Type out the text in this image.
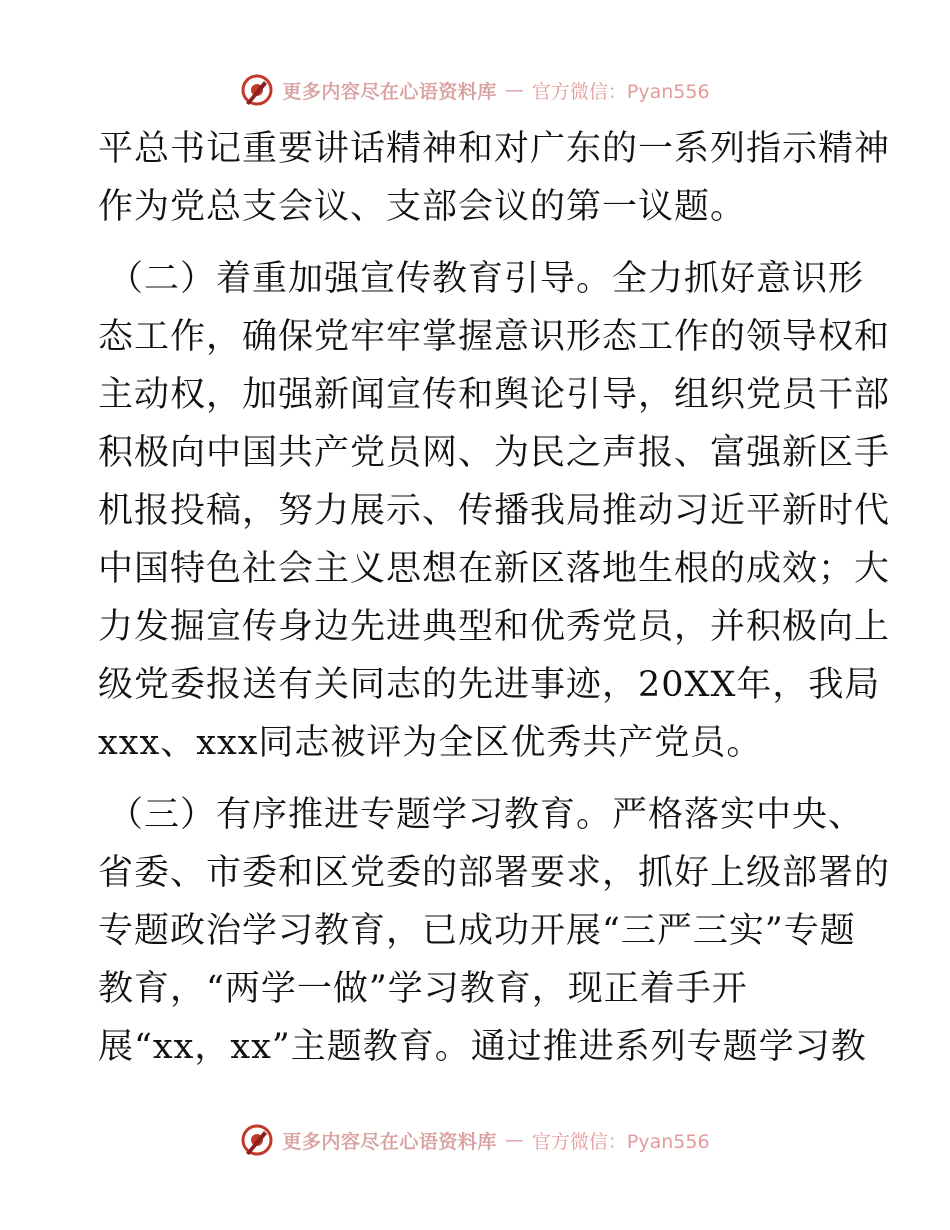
更多内容尽在心语资料库 — 官方微信：Pyan556
平总书记重要讲话精神和对广东的一系列指示精神
作为党总支会议、支部会议的第一议题。
（二）着重加强宣传教育引导。全力抓好意识形
态工作，确保党牢牢掌握意识形态工作的领导权和
主动权，加强新闻宣传和舆论引导，组织党员干部
积极向中国共产党员网、为民之声报、富强新区手
机报投稿，努力展示、传播我局推动习近平新时代
中国特色社会主义思想在新区落地生根的成效；大
力发掘宣传身边先进典型和优秀党员，并积极向上
级党委报送有关同志的先进事迹，20XX年，我局
xxx、xxx同志被评为全区优秀共产党员。
（三）有序推进专题学习教育。严格落实中央、
省委、市委和区党委的部署要求，抓好上级部署的
专题政治学习教育，已成功开展“三严三实”专题
教育，“两学一做”学习教育，现正着手开
展“xx，xx”主题教育。通过推进系列专题学习教
更多内容尽在心语资料库 — 官方微信：Pyan556
